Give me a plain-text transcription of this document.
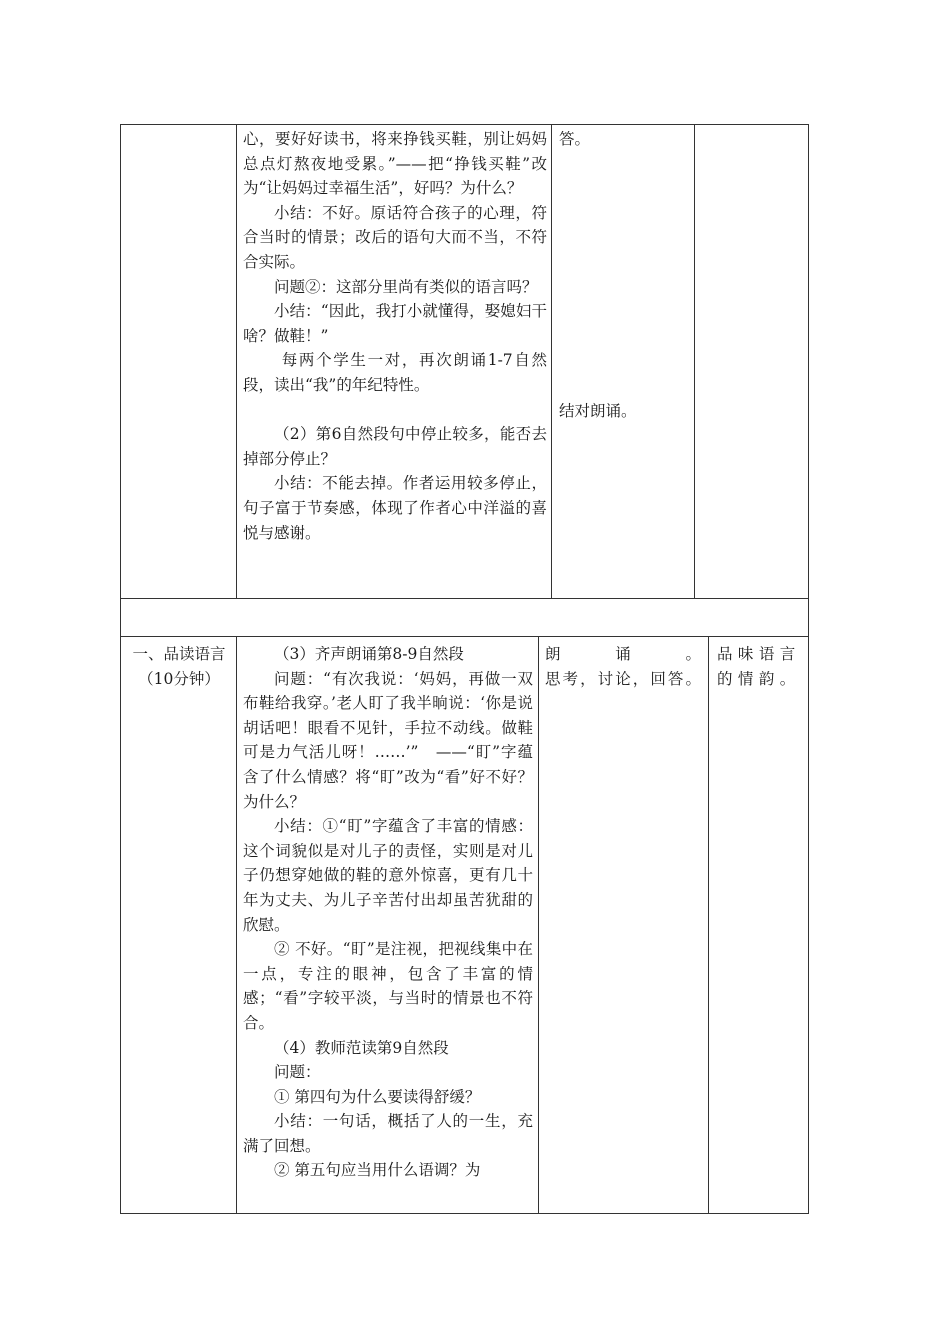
心，要好好读书，将来挣钱买鞋，别让妈妈总点灯熬夜地受累。”——把“挣钱买鞋”改为“让妈妈过幸福生活”，好吗？为什么？

小结：不好。原话符合孩子的心理，符合当时的情景；改后的语句大而不当，不符合实际。

问题②：这部分里尚有类似的语言吗？

小结：“因此，我打小就懂得，娶媳妇干啥？做鞋！”

每两个学生一对，再次朗诵1-7自然段，读出“我”的年纪特性。

（2）第6自然段句中停止较多，能否去掉部分停止？

小结：不能去掉。作者运用较多停止，句子富于节奏感，体现了作者心中洋溢的喜悦与感谢。

答。

结对朗诵。

一、品读语言（10分钟）

（3）齐声朗诵第8-9自然段

问题：“有次我说：‘妈妈，再做一双布鞋给我穿。’老人盯了我半晌说：‘你是说胡话吧！眼看不见针，手拉不动线。做鞋可是力气活儿呀！……’”　——“盯”字蕴含了什么情感？将“盯”改为“看”好不好？为什么？

小结：①“盯”字蕴含了丰富的情感：这个词貌似是对儿子的责怪，实则是对儿子仍想穿她做的鞋的意外惊喜，更有几十年为丈夫、为儿子辛苦付出却虽苦犹甜的欣慰。

② 不好。“盯”是注视，把视线集中在一点，专注的眼神，包含了丰富的情感；“看”字较平淡，与当时的情景也不符合。

（4）教师范读第9自然段

问题：

① 第四句为什么要读得舒缓？

小结：一句话，概括了人的一生，充满了回想。

② 第五句应当用什么语调？为

朗诵。
思考，讨论，回答。

品味语言的情韵。
